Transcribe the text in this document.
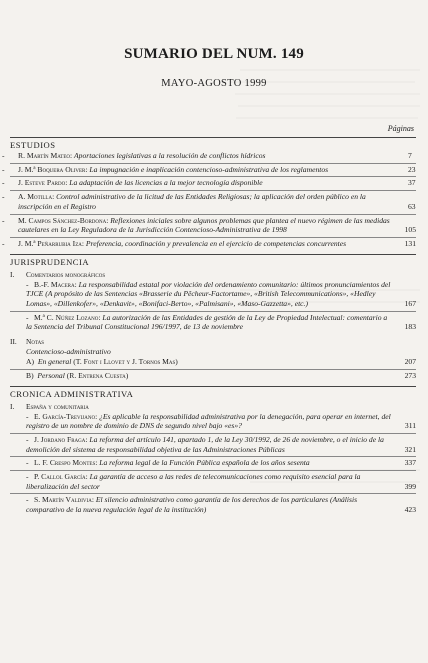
SUMARIO DEL NUM. 149
MAYO-AGOSTO 1999
Páginas
ESTUDIOS
- R. Martín Mateo: Aportaciones legislativas a la resolución de conflictos hídricos	7
- J. M.ª Boquera Oliver: La impugnación e inaplicación contencioso-administrativa de los reglamentos	23
- J. Esteve Pardo: La adaptación de las licencias a la mejor tecnología disponible	37
- A. Motilla: Control administrativo de la licitud de las Entidades Religiosas; la aplicación del orden público en la inscripción en el Registro	63
- M. Campos Sánchez-Bordona: Reflexiones iniciales sobre algunos problemas que plantea el nuevo régimen de las medidas cautelares en la Ley Reguladora de la Jurisdicción Contencioso-Administrativa de 1998	105
- J. M.ª Peñarrubia Iza: Preferencia, coordinación y prevalencia en el ejercicio de competencias concurrentes	131
JURISPRUDENCIA
I. Comentarios monográficos
- B.-F. Macera: La responsabilidad estatal por violación del ordenamiento comunitario: últimos pronunciamientos del TJCE (A propósito de las Sentencias «Brasserie du Pêcheur-Factortame», «British Telecommunications», «Hedley Lomas», «Dillenkofer», «Denkavit», «Bonifaci-Berto», «Palmisani», «Maso-Gazzetta», etc.)	167
- M.ª C. Núñez Lozano: La autorización de las Entidades de gestión de la Ley de Propiedad Intelectual: comentario a la Sentencia del Tribunal Constitucional 196/1997, de 13 de noviembre	183
II. Notas
Contencioso-administrativo
A) En general (T. Font i Llovet y J. Tornos Mas)	207
B) Personal (R. Entrena Cuesta)	273
CRONICA ADMINISTRATIVA
I. España y comunitaria
- E. García-Trevijano: ¿Es aplicable la responsabilidad administrativa por la denegación, para operar en internet, del registro de un nombre de dominio de DNS de segundo nivel bajo «es»?	311
- J. Jordano Fraga: La reforma del artículo 141, apartado 1, de la Ley 30/1992, de 26 de noviembre, o el inicio de la demolición del sistema de responsabilidad objetiva de las Administraciones Públicas	321
- L. F. Crespo Montes: La reforma legal de la Función Pública española de los años sesenta	337
- P. Callol García: La garantía de acceso a las redes de telecomunicaciones como requisito esencial para la liberalización del sector	399
- S. Martín Valdivia: El silencio administrativo como garantía de los derechos de los particulares (Análisis comparativo de la nueva regulación legal de la institución)	423
